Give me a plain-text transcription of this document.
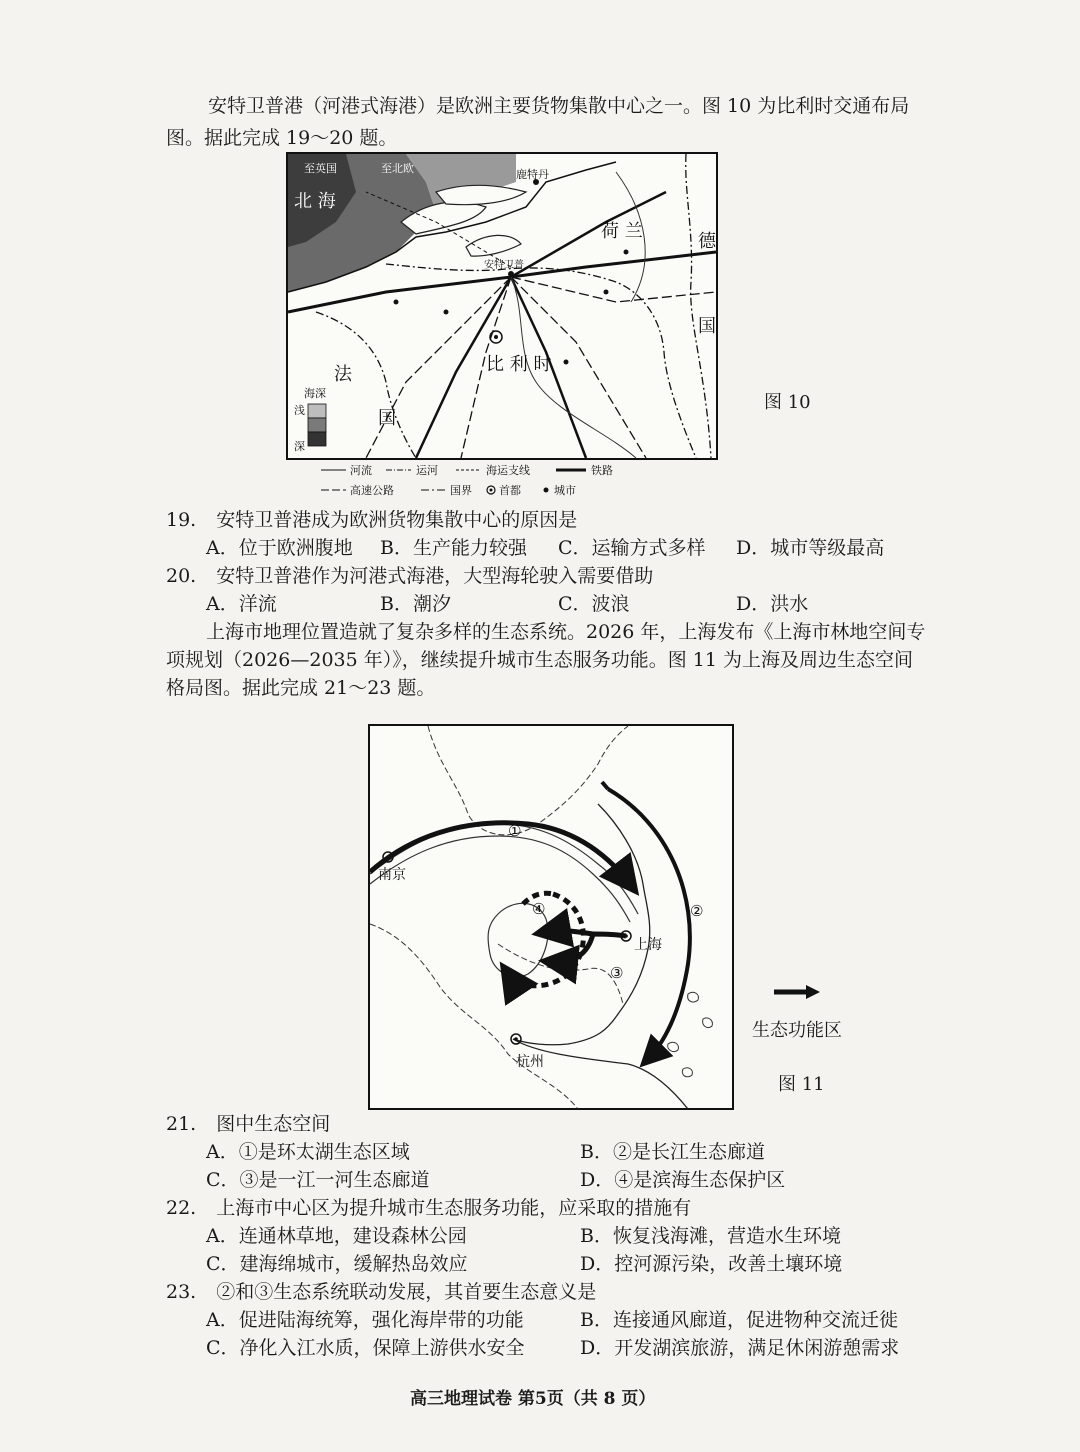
安特卫普港（河港式海港）是欧洲主要货物集散中心之一。图 10 为比利时交通布局
图。据此完成 19～20 题。
北 海
至英国	至北欧	鹿特丹
荷 兰
安特卫普
比 利 时
德
国
法
国
海深
浅
深
河流	运河	海运支线	铁路
高速公路	国界 首都	城市
图 10
19. 安特卫普港成为欧洲货物集散中心的原因是
A．位于欧洲腹地 B．生产能力较强 C．运输方式多样 D．城市等级最高
20. 安特卫普港作为河港式海港，大型海轮驶入需要借助
A．洋流	B．潮汐	C．波浪	D．洪水
上海市地理位置造就了复杂多样的生态系统。2026 年，上海发布《上海市林地空间专
项规划（2026—2035 年）》，继续提升城市生态服务功能。图 11 为上海及周边生态空间
格局图。据此完成 21～23 题。
南京
上海
杭州
①
②
③
④
生态功能区
图 11
21. 图中生态空间
A．①是环太湖生态区域	B．②是长江生态廊道
C．③是一江一河生态廊道	D．④是滨海生态保护区
22. 上海市中心区为提升城市生态服务功能，应采取的措施有
A．连通林草地，建设森林公园	B．恢复浅海滩，营造水生环境
C．建海绵城市，缓解热岛效应	D．控河源污染，改善土壤环境
23. ②和③生态系统联动发展，其首要生态意义是
A．促进陆海统筹，强化海岸带的功能	B．连接通风廊道，促进物种交流迁徙
C．净化入江水质，保障上游供水安全	D．开发湖滨旅游，满足休闲游憩需求
高三地理试卷 第5页（共 8 页）
